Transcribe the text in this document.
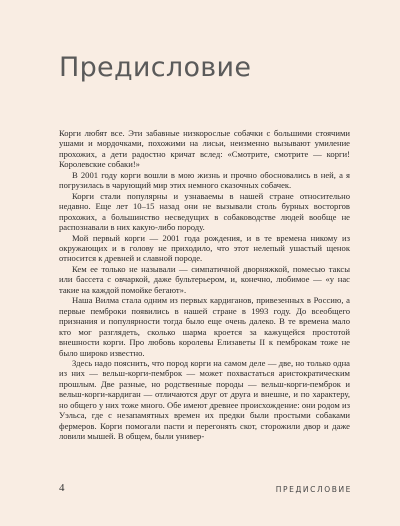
Предисловие

Корги любят все. Эти забавные низкорослые собачки с большими стоячими ушами и мордочками, похожими на лисьи, неизменно вызывают умиление прохожих, а дети радостно кричат вслед: «Смотрите, смотрите — корги! Королевские собаки!»

В 2001 году корги вошли в мою жизнь и прочно обосновались в ней, а я погрузилась в чарующий мир этих немного сказочных собачек.

Корги стали популярны и узнаваемы в нашей стране относительно недавно. Еще лет 10–15 назад они не вызывали столь бурных восторгов прохожих, а большинство несведущих в собаководстве людей вообще не распознавали в них какую-либо породу.

Мой первый корги — 2001 года рождения, и в те времена никому из окружающих и в голову не приходило, что этот нелепый ушастый щенок относится к древней и славной породе.

Кем ее только не называли — симпатичной дворняжкой, помесью таксы или бассета с овчаркой, даже бультерьером, и, конечно, любимое — «у нас такие на каждой помойке бегают».

Наша Вилма стала одним из первых кардиганов, привезенных в Россию, а первые пемброки появились в нашей стране в 1993 году. До всеобщего признания и популярности тогда было еще очень далеко. В те времена мало кто мог разглядеть, сколько шарма кроется за кажущейся простотой внешности корги. Про любовь королевы Елизаветы II к пемброкам тоже не было широко известно.

Здесь надо пояснить, что пород корги на самом деле — две, но только одна из них — вельш-корги-пемброк — может похвастаться аристократическим прошлым. Две разные, но родственные породы — вельш-корги-пемброк и вельш-корги-кардиган — отличаются друг от друга и внешне, и по характеру, но общего у них тоже много. Обе имеют древнее происхождение: они родом из Уэльса, где с незапамятных времен их предки были простыми собаками фермеров. Корги помогали пасти и перегонять скот, сторожили двор и даже ловили мышей. В общем, были универ-

4	ПРЕДИСЛОВИЕ
